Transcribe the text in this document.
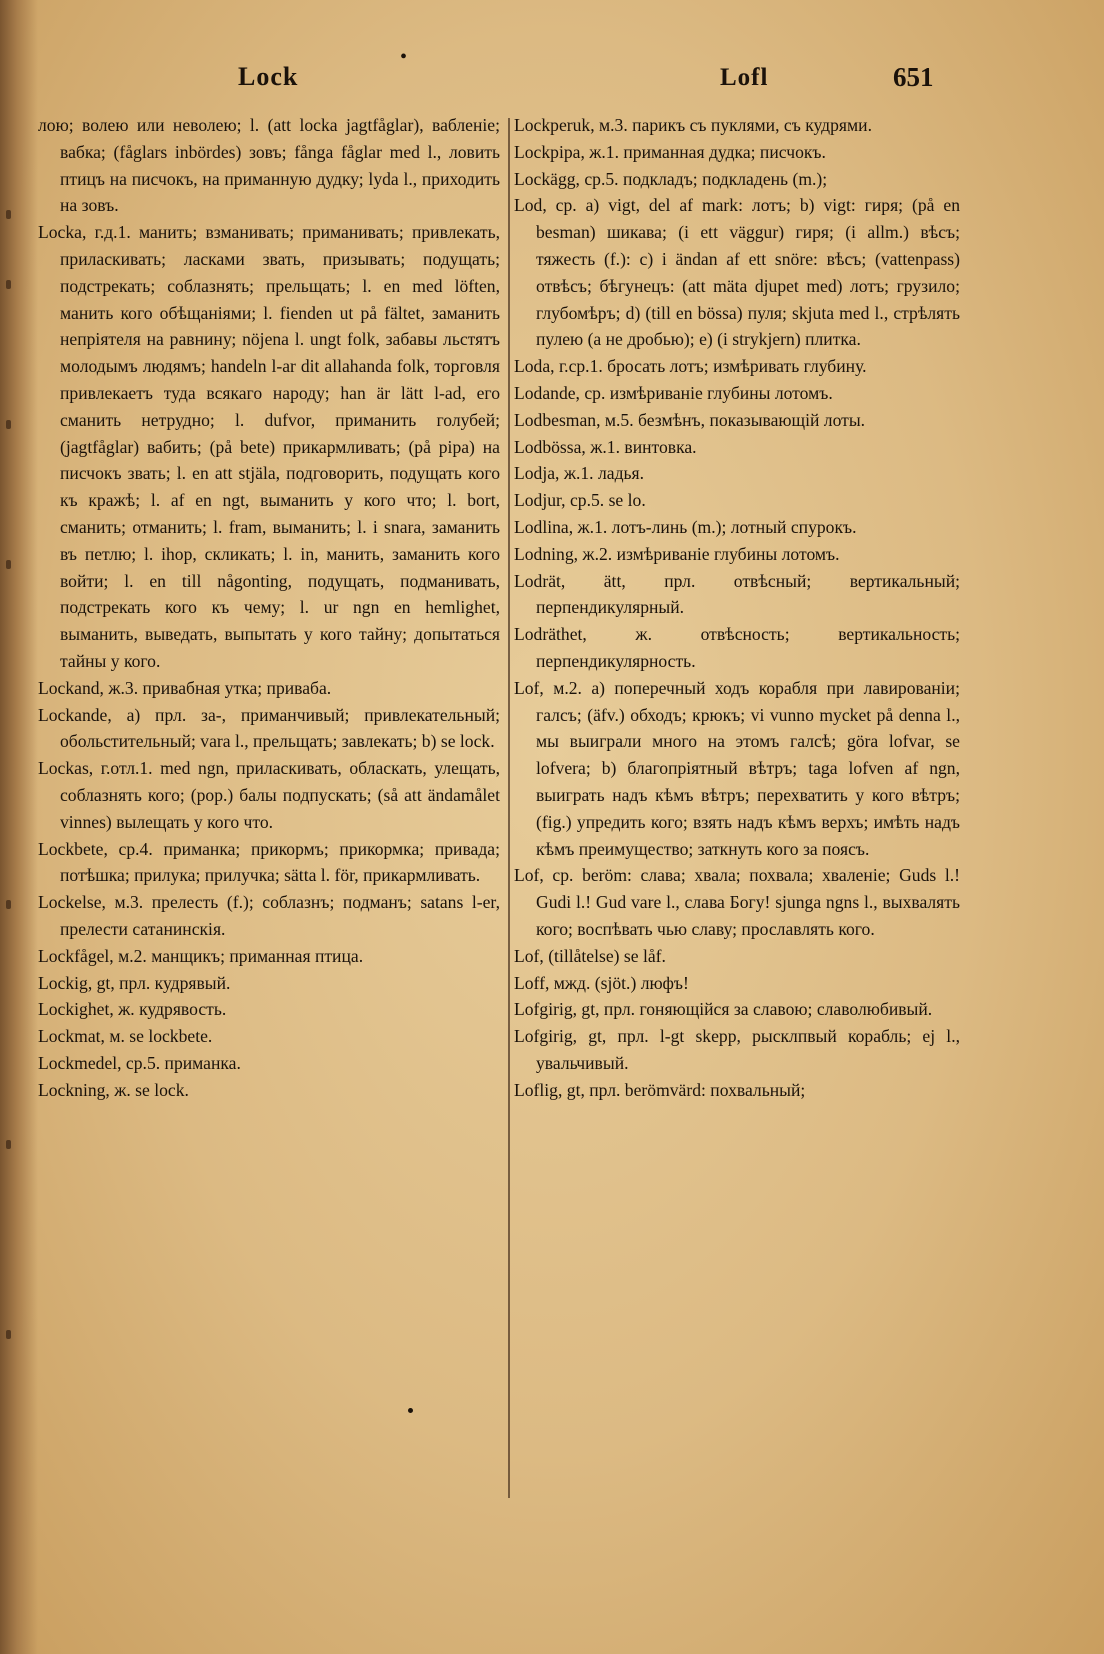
•
Lock	Lofl	651
лою; волею или неволею; l. (att locka jagtfåglar), вабленіе; вабка; (fåglars inbördes) зовъ; fånga fåglar med l., ловить птицъ на писчокъ, на приманную дудку; lyda l., приходить на зовъ.
Locka, г.д.1. манить; взманивать; приманивать; привлекать, приласкивать; ласками звать, призывать; подущать; подстрекать; соблазнять; прельщать; l. en med löften, манить кого обѣщаніями; l. fienden ut på fältet, заманить непріятеля на равнину; nöjena l. ungt folk, забавы льстятъ молодымъ людямъ; handeln l-ar dit allahanda folk, торговля привлекаетъ туда всякаго народу; han är lätt l-ad, его сманить нетрудно; l. dufvor, приманить голубей; (jagtfåglar) вабить; (på bete) прикармливать; (på pipa) на писчокъ звать; l. en att stjäla, подговорить, подущать кого къ кражѣ; l. af en ngt, выманить у кого что; l. bort, сманить; отманить; l. fram, выманить; l. i snara, заманить въ петлю; l. ihop, скликать; l. in, манить, заманить кого войти; l. en till någonting, подущать, подманивать, подстрекать кого къ чему; l. ur ngn en hemlighet, выманить, выведать, выпытать у кого тайну; допытаться тайны у кого.
Lockand, ж.3. привабная утка; приваба.
Lockande, a) прл. за-, приманчивый; привлекательный; обольстительный; vara l., прельщать; завлекать; b) se lock.
Lockas, г.отл.1. med ngn, приласкивать, обласкать, улещать, соблазнять кого; (pop.) балы подпускать; (så att ändamålet vinnes) вылещать у кого что.
Lockbete, ср.4. приманка; прикормъ; прикормка; привада; потѣшка; прилука; прилучка; sätta l. för, прикармливать.
Lockelse, м.3. прелесть (f.); соблазнъ; подманъ; satans l-er, прелести сатанинскія.
Lockfågel, м.2. манщикъ; приманная птица.
Lockig, gt, прл. кудрявый.
Lockighet, ж. кудрявость.
Lockmat, м. se lockbete.
Lockmedel, ср.5. приманка.
Lockning, ж. se lock.
Lockperuk, м.3. парикъ съ пуклями, съ кудрями.
Lockpipa, ж.1. приманная дудка; писчокъ.
Lockägg, ср.5. подкладъ; подкладень (m.);
Lod, ср. a) vigt, del af mark: лотъ; b) vigt: гиря; (på en besman) шикава; (i ett väggur) гиря; (i allm.) вѣсъ; тяжесть (f.): c) i ändan af ett snöre: вѣсъ; (vattenpass) отвѣсъ; бѣгунецъ: (att mäta djupet med) лотъ; грузило; глубомѣръ; d) (till en bössa) пуля; skjuta med l., стрѣлять пулею (а не дробью); e) (i strykjern) плитка.
Loda, г.ср.1. бросать лотъ; измѣривать глубину.
Lodande, ср. измѣриваніе глубины лотомъ.
Lodbesman, м.5. безмѣнъ, показывающій лоты.
Lodbössa, ж.1. винтовка.
Lodja, ж.1. ладья.
Lodjur, ср.5. se lo.
Lodlina, ж.1. лотъ-линь (m.); лотный спурокъ.
Lodning, ж.2. измѣриваніе глубины лотомъ.
Lodrät, ätt, прл. отвѣсный; вертикальный; перпендикулярный.
Lodräthet, ж. отвѣсность; вертикальность; перпендикулярность.
Lof, м.2. a) поперечный ходъ корабля при лавированіи; галсъ; (äfv.) обходъ; крюкъ; vi vunno mycket på denna l., мы выиграли много на этомъ галсѣ; göra lofvar, se lofvera; b) благопріятный вѣтръ; taga lofven af ngn, выиграть надъ кѣмъ вѣтръ; перехватить у кого вѣтръ; (fig.) упредить кого; взять надъ кѣмъ верхъ; имѣть надъ кѣмъ преимущество; заткнуть кого за поясъ.
Lof, ср. beröm: слава; хвала; похвала; хваленіе; Guds l.! Gudi l.! Gud vare l., слава Богу! sjunga ngns l., выхвалять кого; воспѣвать чью славу; прославлять кого.
Lof, (tillåtelse) se låf.
Loff, мжд. (sjöt.) люфъ!
Lofgirig, gt, прл. гоняющійся за славою; славолюбивый.
Lofgirig, gt, прл. l-gt skepp, рысклпвый корабль; ej l., увальчивый.
Loflig, gt, прл. berömvärd: похвальный;
